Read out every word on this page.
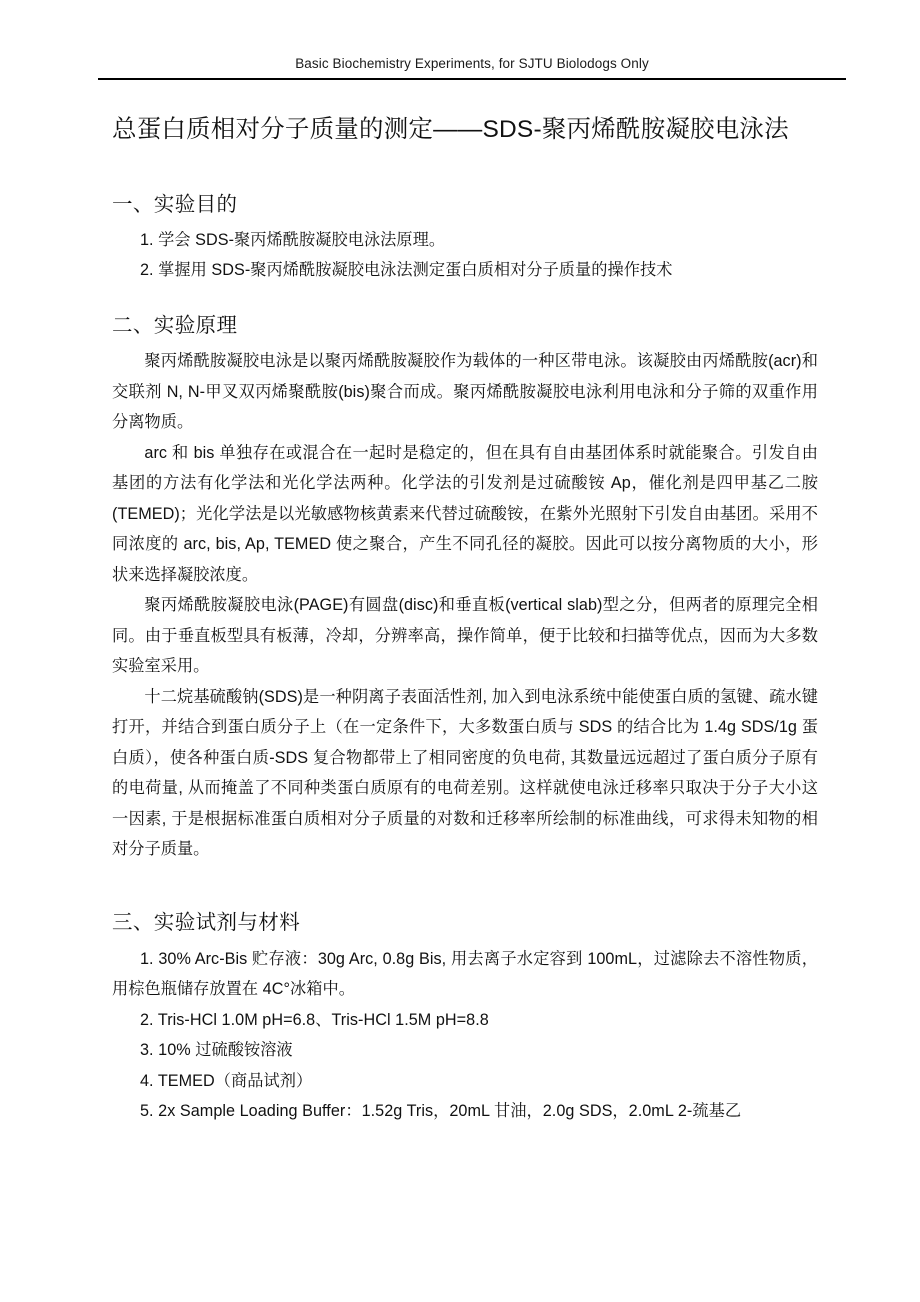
Basic Biochemistry Experiments, for SJTU Biolodogs Only
总蛋白质相对分子质量的测定——SDS-聚丙烯酰胺凝胶电泳法
一、实验目的

1. 学会 SDS-聚丙烯酰胺凝胶电泳法原理。

2. 掌握用 SDS-聚丙烯酰胺凝胶电泳法测定蛋白质相对分子质量的操作技术

二、实验原理

聚丙烯酰胺凝胶电泳是以聚丙烯酰胺凝胶作为载体的一种区带电泳。该凝胶由丙烯酰胺(acr)和交联剂 N, N-甲叉双丙烯聚酰胺(bis)聚合而成。聚丙烯酰胺凝胶电泳利用电泳和分子筛的双重作用分离物质。

arc 和 bis 单独存在或混合在一起时是稳定的，但在具有自由基团体系时就能聚合。引发自由基团的方法有化学法和光化学法两种。化学法的引发剂是过硫酸铵 Ap，催化剂是四甲基乙二胺(TEMED)；光化学法是以光敏感物核黄素来代替过硫酸铵，在紫外光照射下引发自由基团。采用不同浓度的 arc, bis, Ap, TEMED 使之聚合，产生不同孔径的凝胶。因此可以按分离物质的大小，形状来选择凝胶浓度。

聚丙烯酰胺凝胶电泳(PAGE)有圆盘(disc)和垂直板(vertical slab)型之分，但两者的原理完全相同。由于垂直板型具有板薄，冷却，分辨率高，操作简单，便于比较和扫描等优点，因而为大多数实验室采用。

十二烷基硫酸钠(SDS)是一种阴离子表面活性剂, 加入到电泳系统中能使蛋白质的氢键、疏水键打开，并结合到蛋白质分子上（在一定条件下，大多数蛋白质与 SDS 的结合比为 1.4g SDS/1g 蛋白质），使各种蛋白质-SDS 复合物都带上了相同密度的负电荷, 其数量远远超过了蛋白质分子原有的电荷量, 从而掩盖了不同种类蛋白质原有的电荷差别。这样就使电泳迁移率只取决于分子大小这一因素, 于是根据标准蛋白质相对分子质量的对数和迁移率所绘制的标准曲线，可求得未知物的相对分子质量。

三、实验试剂与材料

1. 30% Arc-Bis 贮存液：30g Arc, 0.8g Bis, 用去离子水定容到 100mL，过滤除去不溶性物质，用棕色瓶储存放置在 4C°冰箱中。

2. Tris-HCl 1.0M pH=6.8、Tris-HCl 1.5M pH=8.8

3. 10% 过硫酸铵溶液

4. TEMED（商品试剂）

5. 2x Sample Loading Buffer：1.52g Tris，20mL 甘油，2.0g SDS，2.0mL 2-巯基乙
